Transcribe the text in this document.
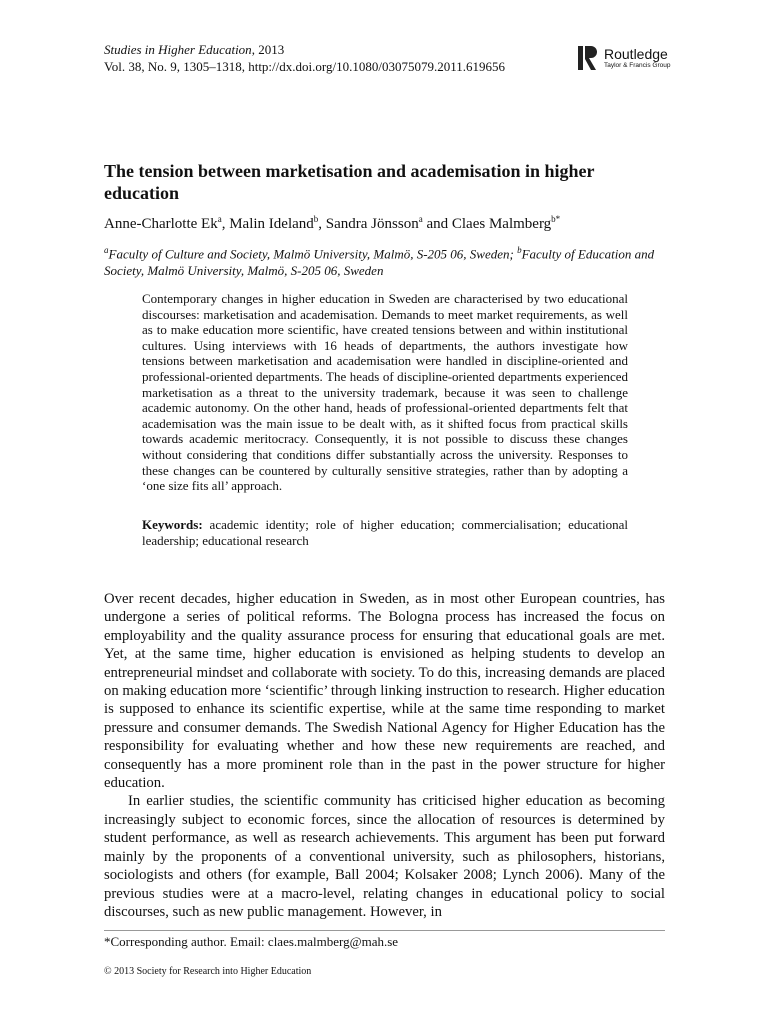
Studies in Higher Education, 2013
Vol. 38, No. 9, 1305–1318, http://dx.doi.org/10.1080/03075079.2011.619656
Routledge
Taylor & Francis Group
The tension between marketisation and academisation in higher education
Anne-Charlotte Ek$^a$, Malin Ideland$^b$, Sandra Jönsson$^a$ and Claes Malmberg$^{b*}$
$^a$Faculty of Culture and Society, Malmö University, Malmö, S-205 06, Sweden; $^b$Faculty of Education and Society, Malmö University, Malmö, S-205 06, Sweden

Contemporary changes in higher education in Sweden are characterised by two educational discourses: marketisation and academisation. Demands to meet market requirements, as well as to make education more scientific, have created tensions between and within institutional cultures. Using interviews with 16 heads of departments, the authors investigate how tensions between marketisation and academisation were handled in discipline-oriented and professional-oriented departments. The heads of discipline-oriented departments experienced marketisation as a threat to the university trademark, because it was seen to challenge academic autonomy. On the other hand, heads of professional-oriented departments felt that academisation was the main issue to be dealt with, as it shifted focus from practical skills towards academic meritocracy. Consequently, it is not possible to discuss these changes without considering that conditions differ substantially across the university. Responses to these changes can be countered by culturally sensitive strategies, rather than by adopting a ‘one size fits all’ approach.

Keywords: academic identity; role of higher education; commercialisation; educational leadership; educational research

Over recent decades, higher education in Sweden, as in most other European countries, has undergone a series of political reforms. The Bologna process has increased the focus on employability and the quality assurance process for ensuring that educational goals are met. Yet, at the same time, higher education is envisioned as helping students to develop an entrepreneurial mindset and collaborate with society. To do this, increasing demands are placed on making education more ‘scientific’ through linking instruction to research. Higher education is supposed to enhance its scientific expertise, while at the same time responding to market pressure and consumer demands. The Swedish National Agency for Higher Education has the responsibility for evaluating whether and how these new requirements are reached, and consequently has a more prominent role than in the past in the power structure for higher education.

In earlier studies, the scientific community has criticised higher education as becoming increasingly subject to economic forces, since the allocation of resources is determined by student performance, as well as research achievements. This argument has been put forward mainly by the proponents of a conventional university, such as philosophers, historians, sociologists and others (for example, Ball 2004; Kolsaker 2008; Lynch 2006). Many of the previous studies were at a macro-level, relating changes in educational policy to social discourses, such as new public management. However, in

*Corresponding author. Email: claes.malmberg@mah.se
© 2013 Society for Research into Higher Education
